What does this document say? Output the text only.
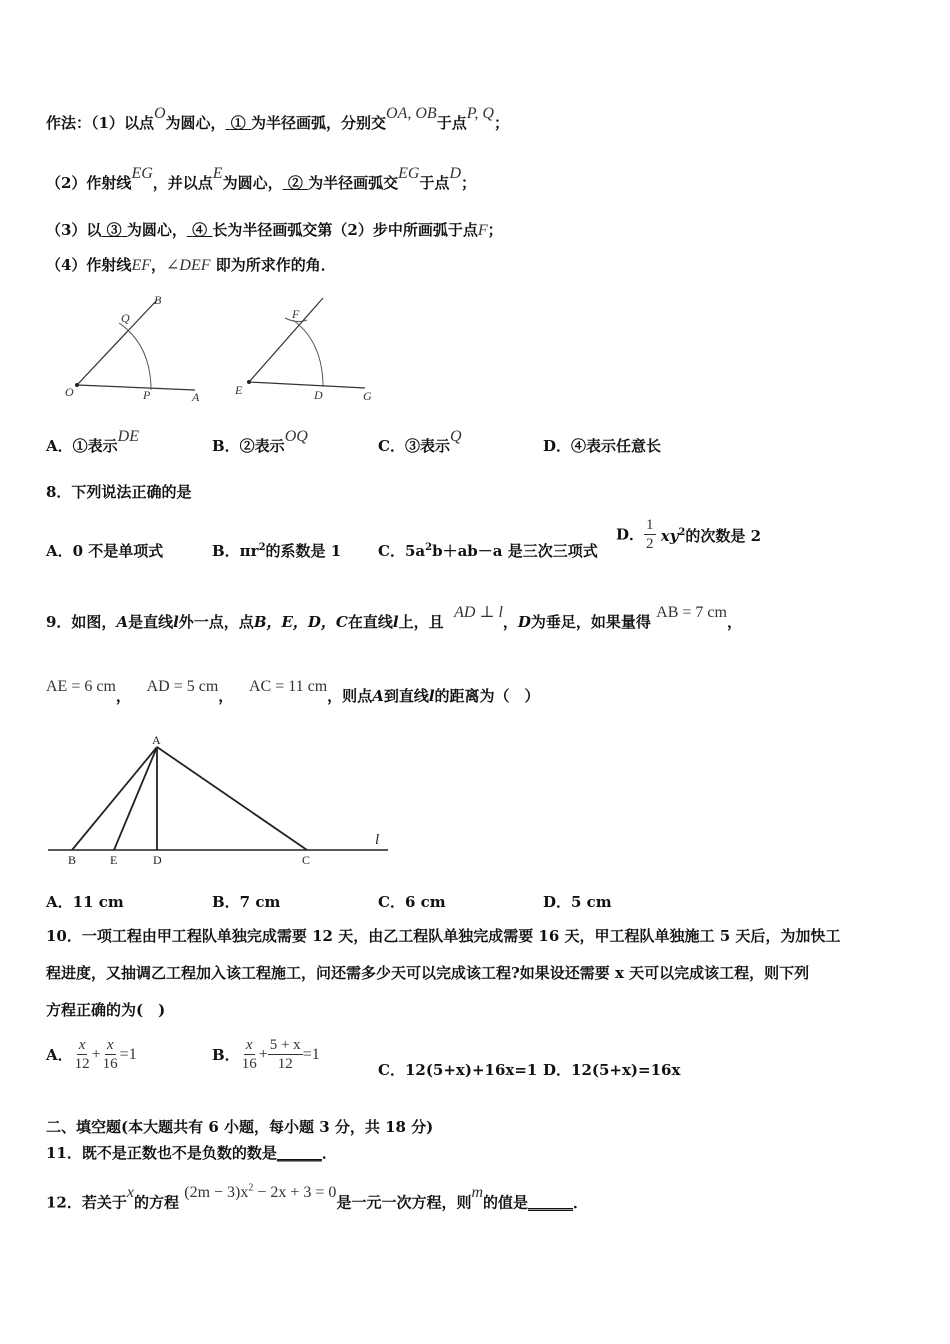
作法：（1）以点O为圆心， ① 为半径画弧，分别交OA, OB于点P, Q；
（2）作射线EG，并以点E为圆心， ② 为半径画弧交EG于点D；
（3）以 ③ 为圆心， ④ 长为半径画弧交第（2）步中所画弧于点F；
（4）作射线EF，∠DEF 即为所求作的角．
O	P	A
Q
B
E	D	G
F
A．①表示DE
B．②表示OQ
C．③表示Q
D．④表示任意长
8．下列说法正确的是
A．0 不是单项式	B．$\pi r^2$的系数是 1 C．$5a^2b+ab-a$ 是三次三项式
D． $\frac{1}{2} xy^2$的次数是 2
9．如图，A是直线l外一点，点B，E，D，C在直线l上，且  AD ⊥ l，D为垂足，如果量得 AB = 7 cm，
AE = 6 cm，   AD = 5 cm，   AC = 11 cm，则点A到直线l的距离为（　）
A
B	E	D	C
l
A．11 cm	B．7 cm	C．6 cm	D．5 cm
10．一项工程由甲工程队单独完成需要 12 天，由乙工程队单独完成需要 16 天，甲工程队单独施工 5 天后，为加快工
程进度，又抽调乙工程加入该工程施工，问还需多少天可以完成该工程?如果设还需要 x 天可以完成该工程，则下列
方程正确的为(　)
A． $\frac{x}{12} + \frac{x}{16} =1$	B． $\frac{x}{16} + \frac{5 + x}{12} =1$
C．12(5+x)+16x=1 D．12(5+x)=16x
二、填空题(本大题共有 6 小题，每小题 3 分，共 18 分)
11．既不是正数也不是负数的数是______．
12．若关于x的方程 $(2m - 3)x^2 - 2x + 3 = 0$是一元一次方程，则m的值是______．
